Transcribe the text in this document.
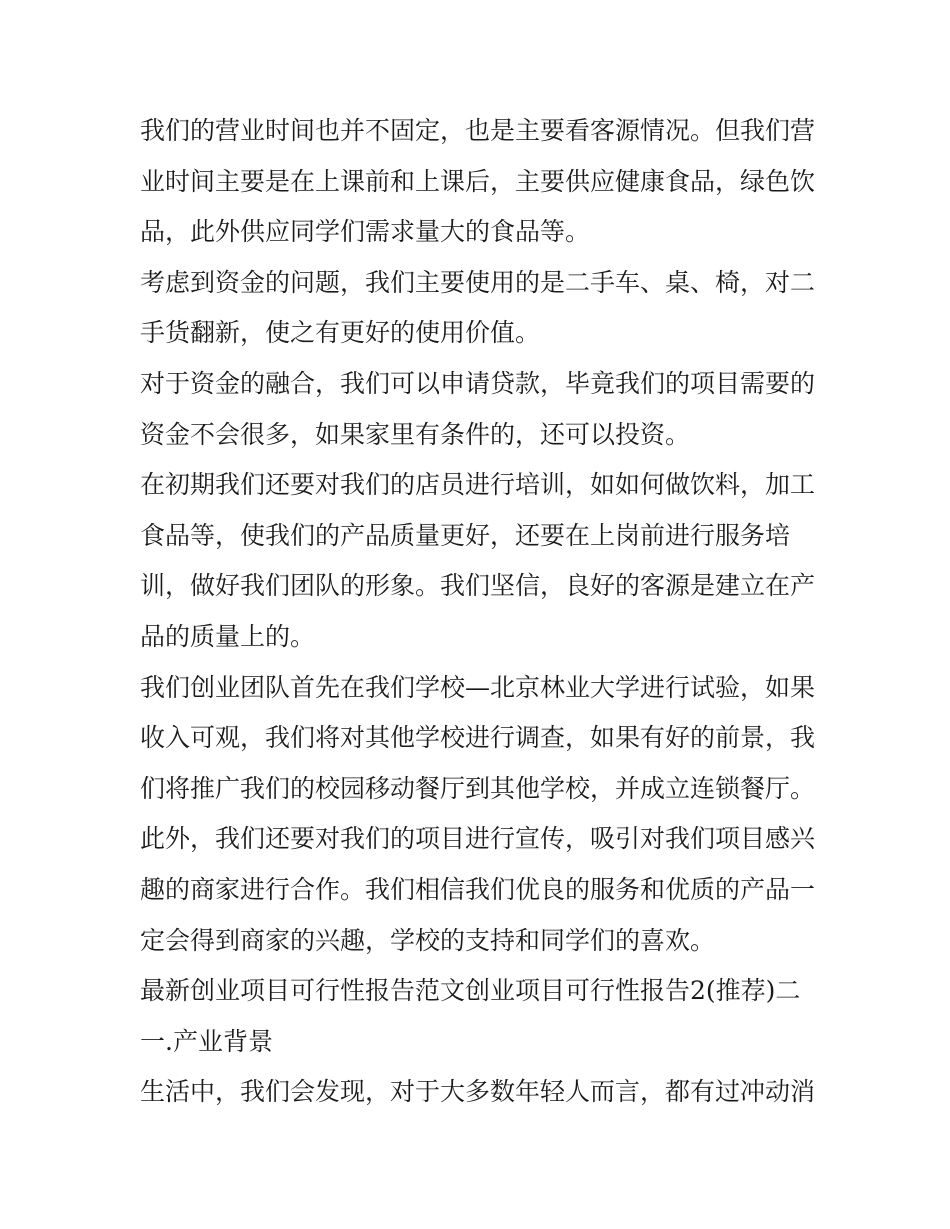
我们的营业时间也并不固定，也是主要看客源情况。但我们营
业时间主要是在上课前和上课后，主要供应健康食品，绿色饮
品，此外供应同学们需求量大的食品等。
考虑到资金的问题，我们主要使用的是二手车、桌、椅，对二
手货翻新，使之有更好的使用价值。
对于资金的融合，我们可以申请贷款，毕竟我们的项目需要的
资金不会很多，如果家里有条件的，还可以投资。
在初期我们还要对我们的店员进行培训，如如何做饮料，加工
食品等，使我们的产品质量更好，还要在上岗前进行服务培
训，做好我们团队的形象。我们坚信，良好的客源是建立在产
品的质量上的。
我们创业团队首先在我们学校—北京林业大学进行试验，如果
收入可观，我们将对其他学校进行调查，如果有好的前景，我
们将推广我们的校园移动餐厅到其他学校，并成立连锁餐厅。
此外，我们还要对我们的项目进行宣传，吸引对我们项目感兴
趣的商家进行合作。我们相信我们优良的服务和优质的产品一
定会得到商家的兴趣，学校的支持和同学们的喜欢。
最新创业项目可行性报告范文创业项目可行性报告2(推荐)二
一.产业背景
生活中，我们会发现，对于大多数年轻人而言，都有过冲动消
